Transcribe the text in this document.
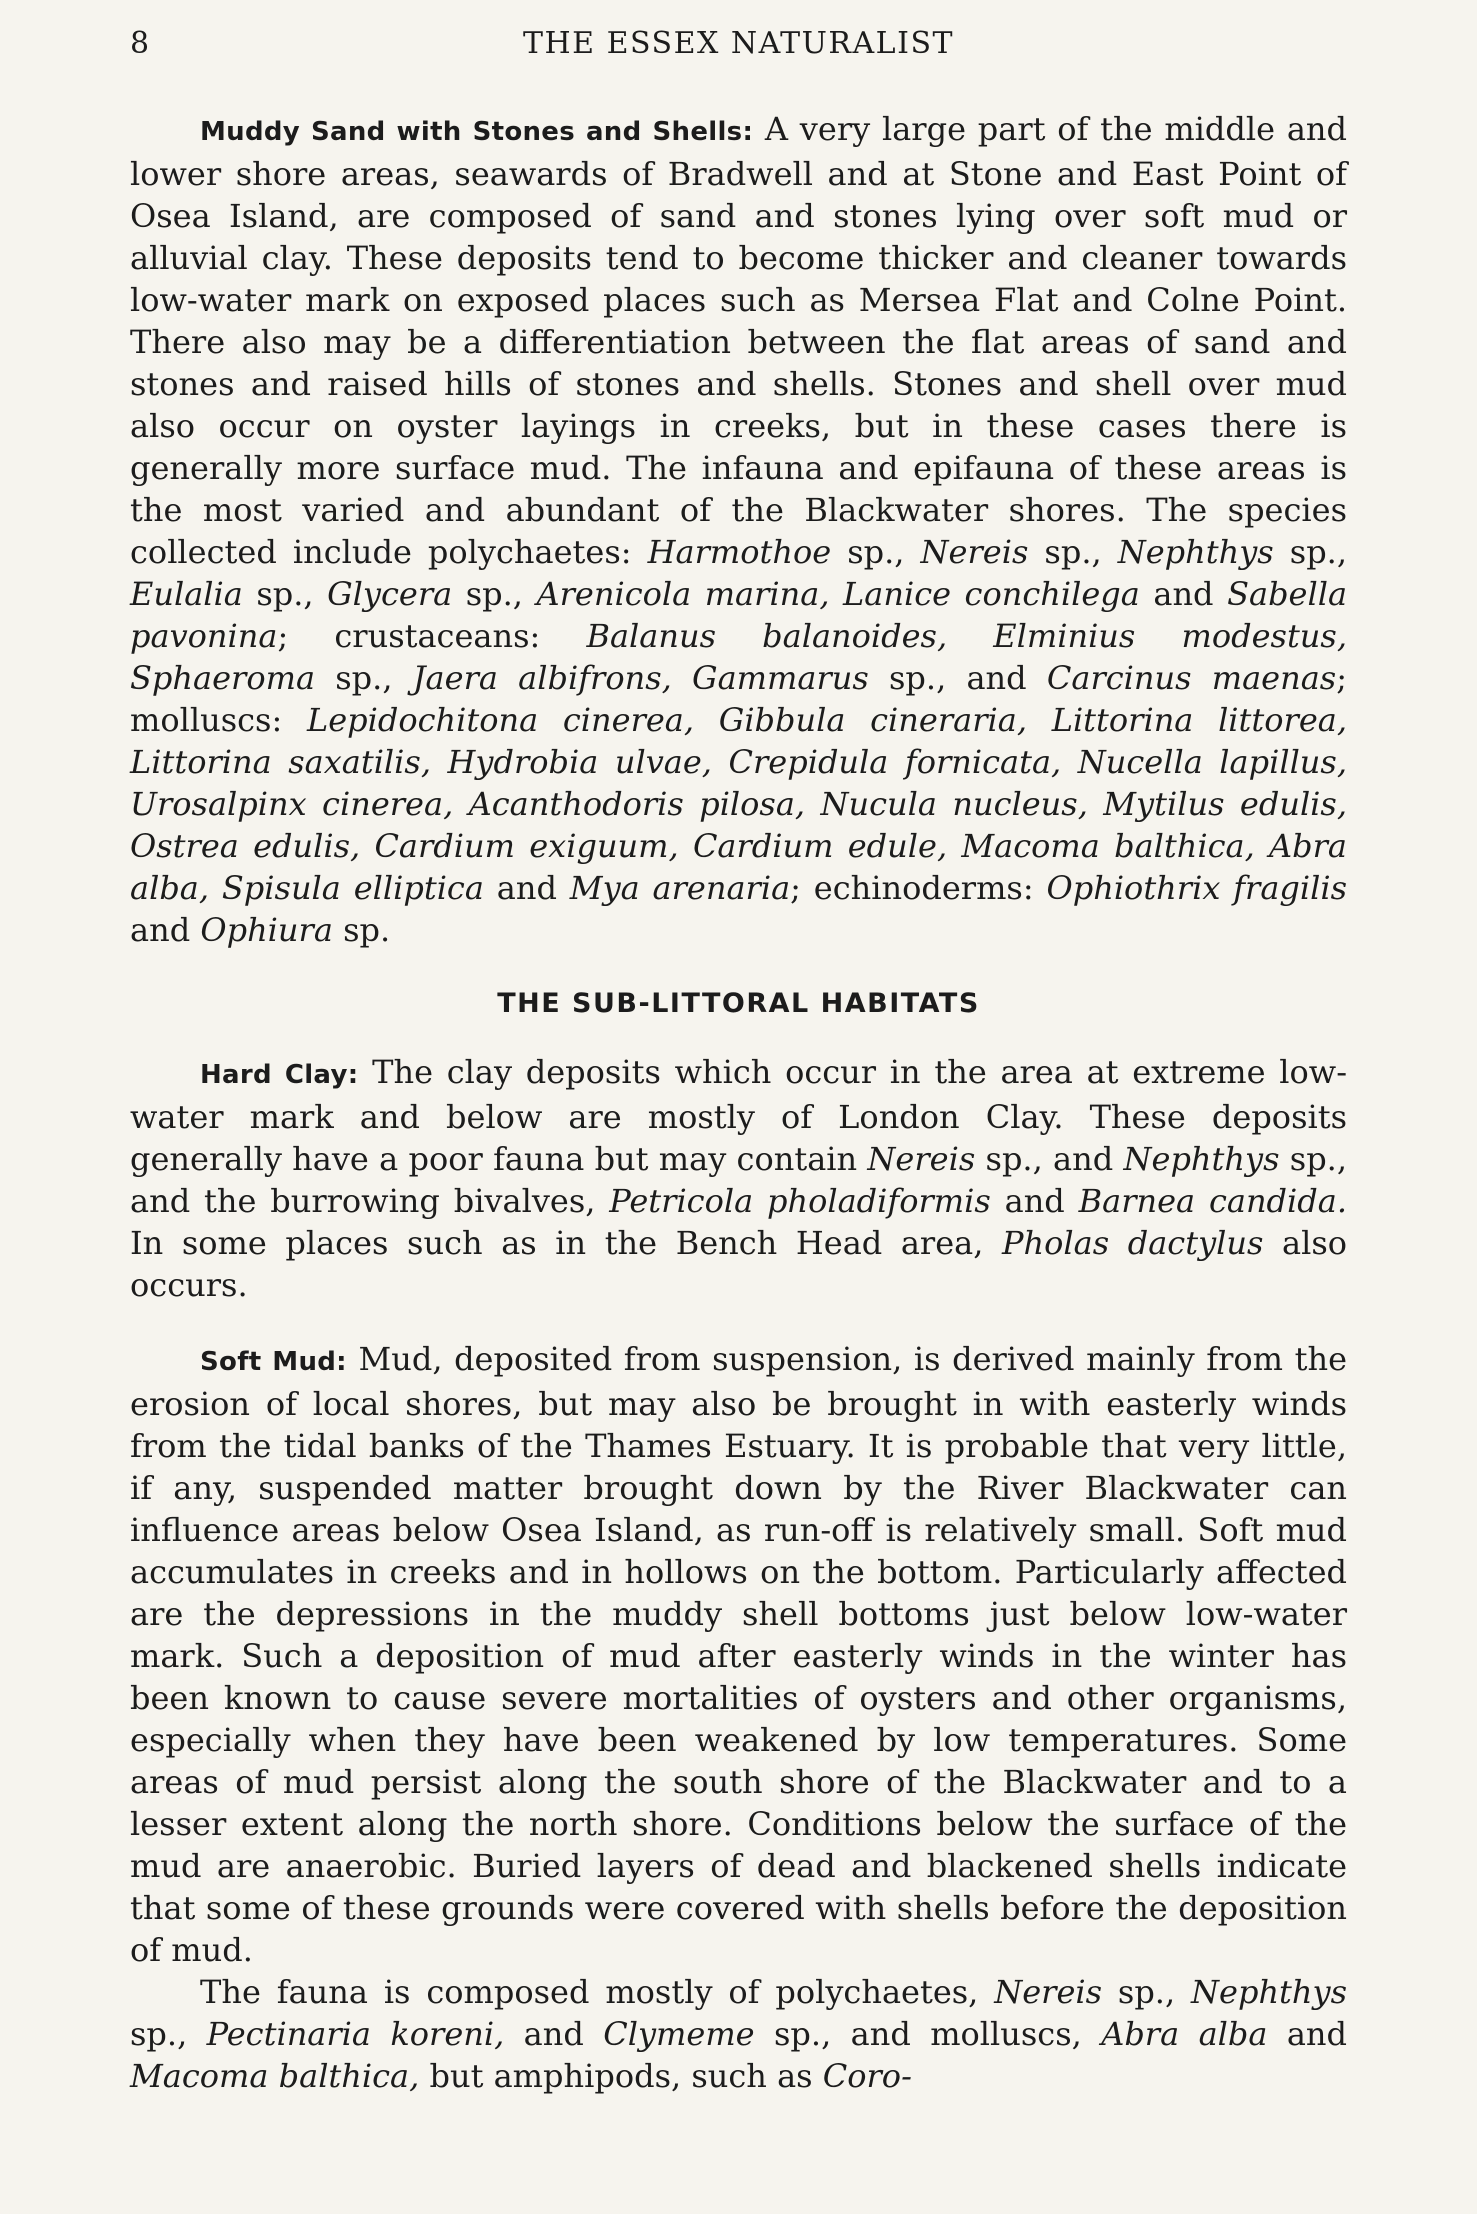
8	THE ESSEX NATURALIST

Muddy Sand with Stones and Shells: A very large part of the middle and lower shore areas, seawards of Bradwell and at Stone and East Point of Osea Island, are composed of sand and stones lying over soft mud or alluvial clay. These deposits tend to become thicker and cleaner towards low-water mark on exposed places such as Mersea Flat and Colne Point. There also may be a differentiation between the flat areas of sand and stones and raised hills of stones and shells. Stones and shell over mud also occur on oyster layings in creeks, but in these cases there is generally more surface mud. The infauna and epifauna of these areas is the most varied and abundant of the Blackwater shores. The species collected include polychaetes: Harmothoe sp., Nereis sp., Nephthys sp., Eulalia sp., Glycera sp., Arenicola marina, Lanice conchilega and Sabella pavonina; crustaceans: Balanus balanoides, Elminius modestus, Sphaeroma sp., Jaera albifrons, Gammarus sp., and Carcinus maenas; molluscs: Lepidochitona cinerea, Gibbula cineraria, Littorina littorea, Littorina saxatilis, Hydrobia ulvae, Crepidula fornicata, Nucella lapillus, Urosalpinx cinerea, Acanthodoris pilosa, Nucula nucleus, Mytilus edulis, Ostrea edulis, Cardium exiguum, Cardium edule, Macoma balthica, Abra alba, Spisula elliptica and Mya arenaria; echinoderms: Ophiothrix fragilis and Ophiura sp.

THE SUB-LITTORAL HABITATS

Hard Clay: The clay deposits which occur in the area at extreme low-water mark and below are mostly of London Clay. These deposits generally have a poor fauna but may contain Nereis sp., and Nephthys sp., and the burrowing bivalves, Petricola pholadiformis and Barnea candida. In some places such as in the Bench Head area, Pholas dactylus also occurs.

Soft Mud: Mud, deposited from suspension, is derived mainly from the erosion of local shores, but may also be brought in with easterly winds from the tidal banks of the Thames Estuary. It is probable that very little, if any, suspended matter brought down by the River Blackwater can influence areas below Osea Island, as run-off is relatively small. Soft mud accumulates in creeks and in hollows on the bottom. Particularly affected are the depressions in the muddy shell bottoms just below low-water mark. Such a deposition of mud after easterly winds in the winter has been known to cause severe mortalities of oysters and other organisms, especially when they have been weakened by low temperatures. Some areas of mud persist along the south shore of the Blackwater and to a lesser extent along the north shore. Conditions below the surface of the mud are anaerobic. Buried layers of dead and blackened shells indicate that some of these grounds were covered with shells before the deposition of mud.

The fauna is composed mostly of polychaetes, Nereis sp., Nephthys sp., Pectinaria koreni, and Clymeme sp., and molluscs, Abra alba and Macoma balthica, but amphipods, such as Coro-
